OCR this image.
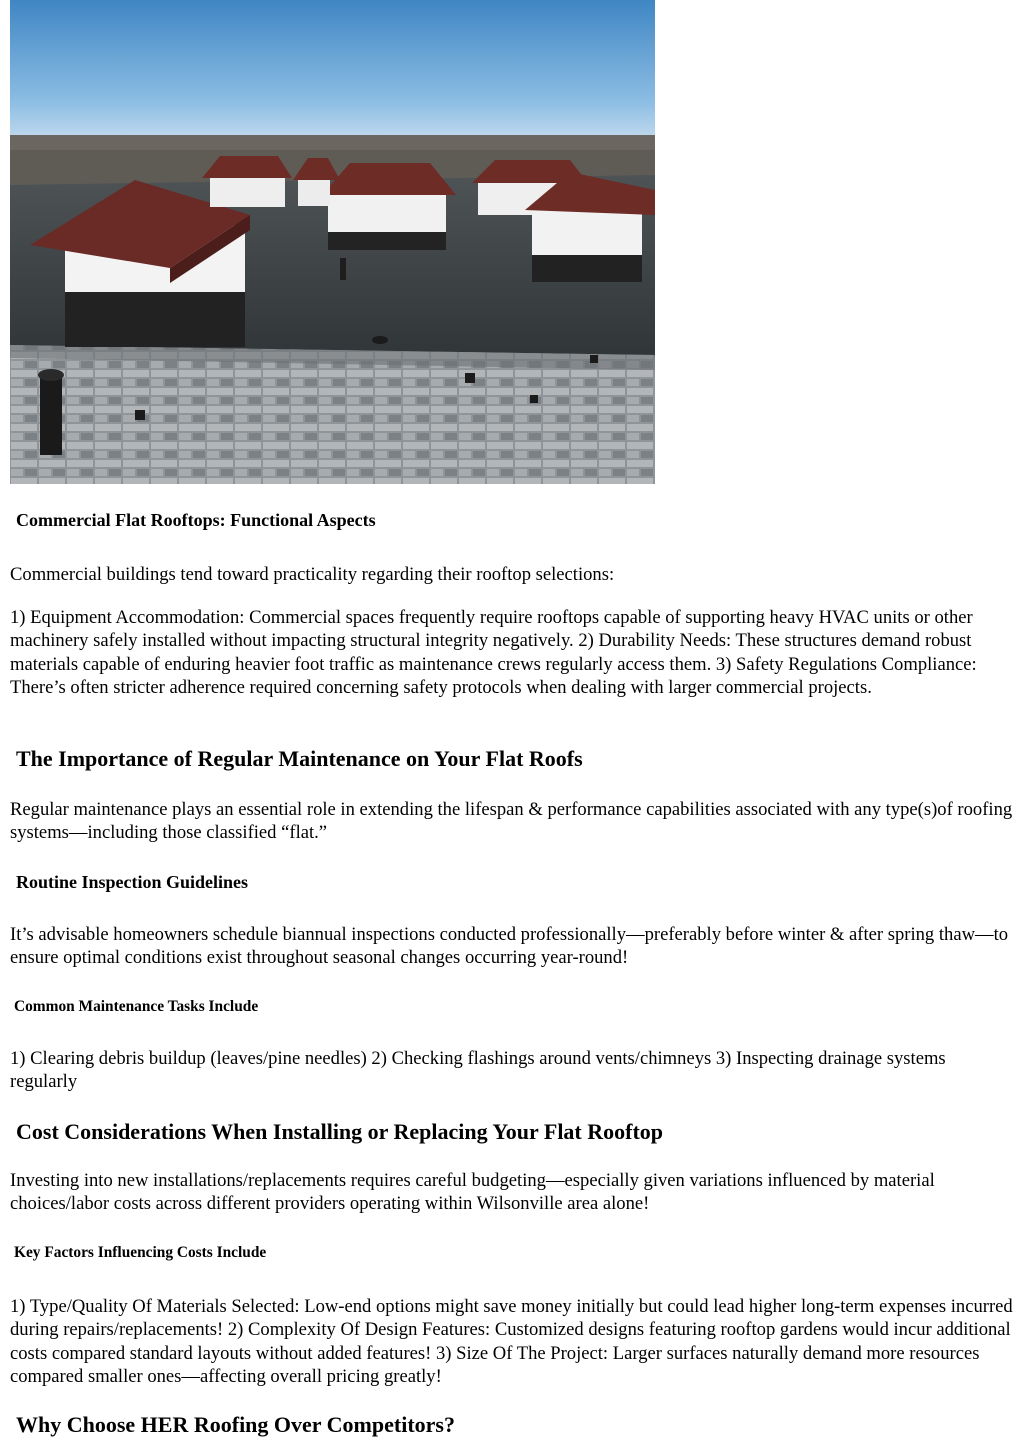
Commercial Flat Rooftops: Functional Aspects

Commercial buildings tend toward practicality regarding their rooftop selections:

1) Equipment Accommodation: Commercial spaces frequently require rooftops capable of supporting heavy HVAC units or other machinery safely installed without impacting structural integrity negatively. 2) Durability Needs: These structures demand robust materials capable of enduring heavier foot traffic as maintenance crews regularly access them. 3) Safety Regulations Compliance: There’s often stricter adherence required concerning safety protocols when dealing with larger commercial projects.

The Importance of Regular Maintenance on Your Flat Roofs

Regular maintenance plays an essential role in extending the lifespan & performance capabilities associated with any type(s)of roofing systems—including those classified “flat.”

Routine Inspection Guidelines

It’s advisable homeowners schedule biannual inspections conducted professionally—preferably before winter & after spring thaw—to ensure optimal conditions exist throughout seasonal changes occurring year-round!

Common Maintenance Tasks Include

1) Clearing debris buildup (leaves/pine needles) 2) Checking flashings around vents/chimneys 3) Inspecting drainage systems regularly

Cost Considerations When Installing or Replacing Your Flat Rooftop

Investing into new installations/replacements requires careful budgeting—especially given variations influenced by material choices/labor costs across different providers operating within Wilsonville area alone!

Key Factors Influencing Costs Include

1) Type/Quality Of Materials Selected: Low-end options might save money initially but could lead higher long-term expenses incurred during repairs/replacements! 2) Complexity Of Design Features: Customized designs featuring rooftop gardens would incur additional costs compared standard layouts without added features! 3) Size Of The Project: Larger surfaces naturally demand more resources compared smaller ones—affecting overall pricing greatly!

Why Choose HER Roofing Over Competitors?
